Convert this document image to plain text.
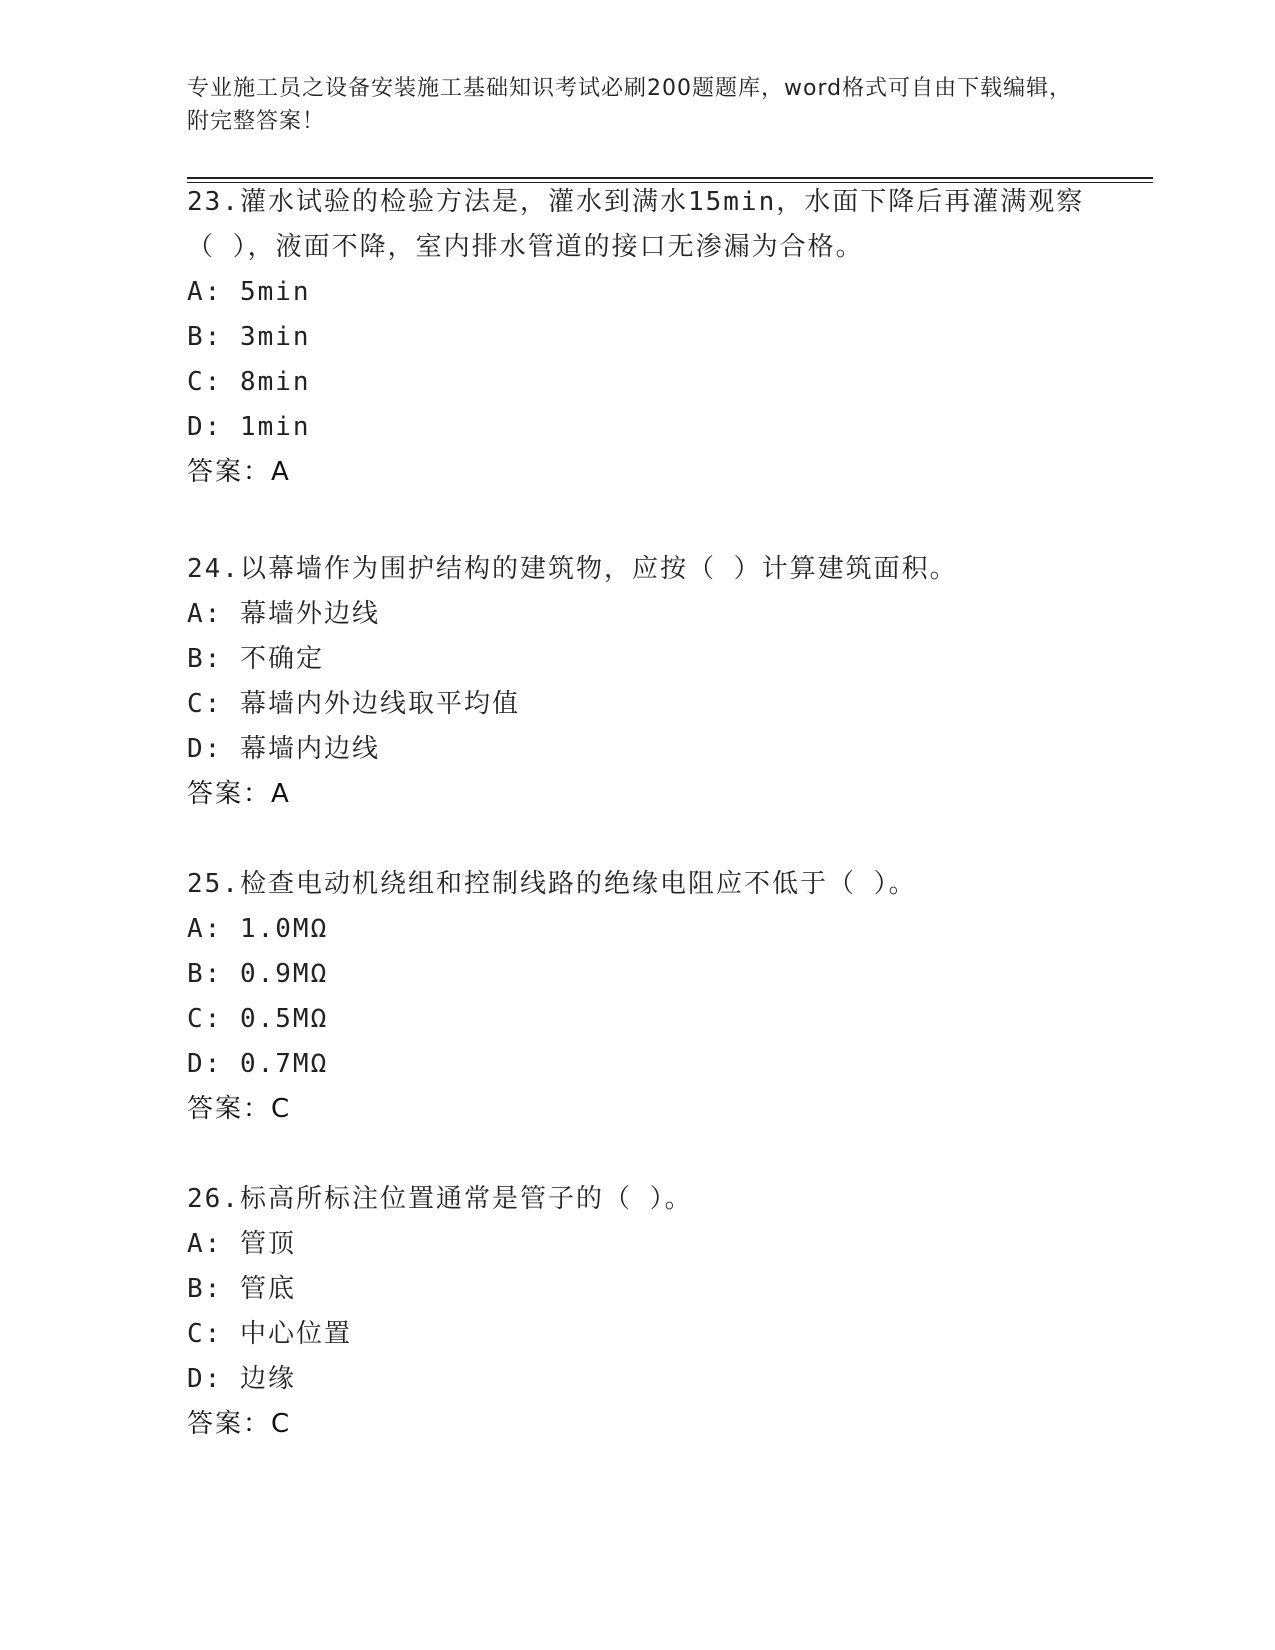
专业施工员之设备安装施工基础知识考试必刷200题题库，word格式可自由下载编辑，附完整答案！

23.灌水试验的检验方法是，灌水到满水15min，水面下降后再灌满观察（ ），液面不降，室内排水管道的接口无渗漏为合格。

A: 5min

B: 3min

C: 8min

D: 1min

答案：A

24.以幕墙作为围护结构的建筑物，应按（ ）计算建筑面积。

A: 幕墙外边线

B: 不确定

C: 幕墙内外边线取平均值

D: 幕墙内边线

答案：A

25.检查电动机绕组和控制线路的绝缘电阻应不低于（ ）。

A: 1.0MΩ

B: 0.9MΩ

C: 0.5MΩ

D: 0.7MΩ

答案：C

26.标高所标注位置通常是管子的（ ）。

A: 管顶

B: 管底

C: 中心位置

D: 边缘

答案：C
